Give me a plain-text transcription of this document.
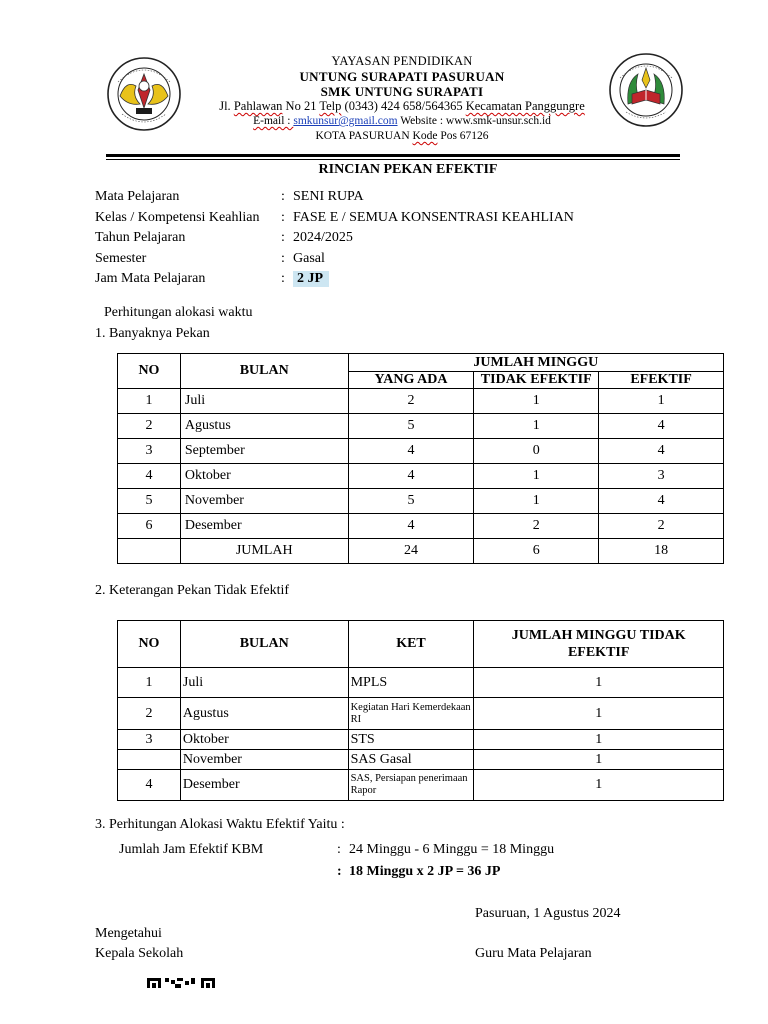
YAYASAN PENDIDIKAN
UNTUNG SURAPATI PASURUAN
SMK UNTUNG SURAPATI
Jl. Pahlawan No 21 Telp (0343) 424 658/564365 Kecamatan Panggungre
E-mail : smkunsur@gmail.com Website : www.smk-unsur.sch.id
KOTA PASURUAN Kode Pos 67126
RINCIAN PEKAN EFEKTIF
Mata Pelajaran	: SENI RUPA
Kelas / Kompetensi Keahlian	: FASE E / SEMUA KONSENTRASI KEAHLIAN
Tahun Pelajaran	: 2024/2025
Semester	: Gasal
Jam Mata Pelajaran	: 2 JP
Perhitungan alokasi waktu
1. Banyaknya Pekan
NO	BULAN	JUMLAH MINGGU		
		YANG ADA	TIDAK EFEKTIF	EFEKTIF
1	Juli	2	1	1
2	Agustus	5	1	4
3	September	4	0	4
4	Oktober	4	1	3
5	November	5	1	4
6	Desember	4	2	2
	JUMLAH	24	6	18
2. Keterangan Pekan Tidak Efektif
NO	BULAN	KET	JUMLAH MINGGU TIDAK EFEKTIF
1	Juli	MPLS	1
2	Agustus	Kegiatan Hari Kemerdekaan RI	1
3	Oktober	STS	1
	November	SAS Gasal	1
4	Desember	SAS, Persiapan penerimaan Rapor	1
3. Perhitungan Alokasi Waktu Efektif Yaitu :
Jumlah Jam Efektif KBM	: 24 Minggu - 6 Minggu = 18 Minggu
: 18 Minggu x 2 JP = 36 JP
Pasuruan, 1 Agustus 2024
Mengetahui
Kepala Sekolah	Guru Mata Pelajaran
